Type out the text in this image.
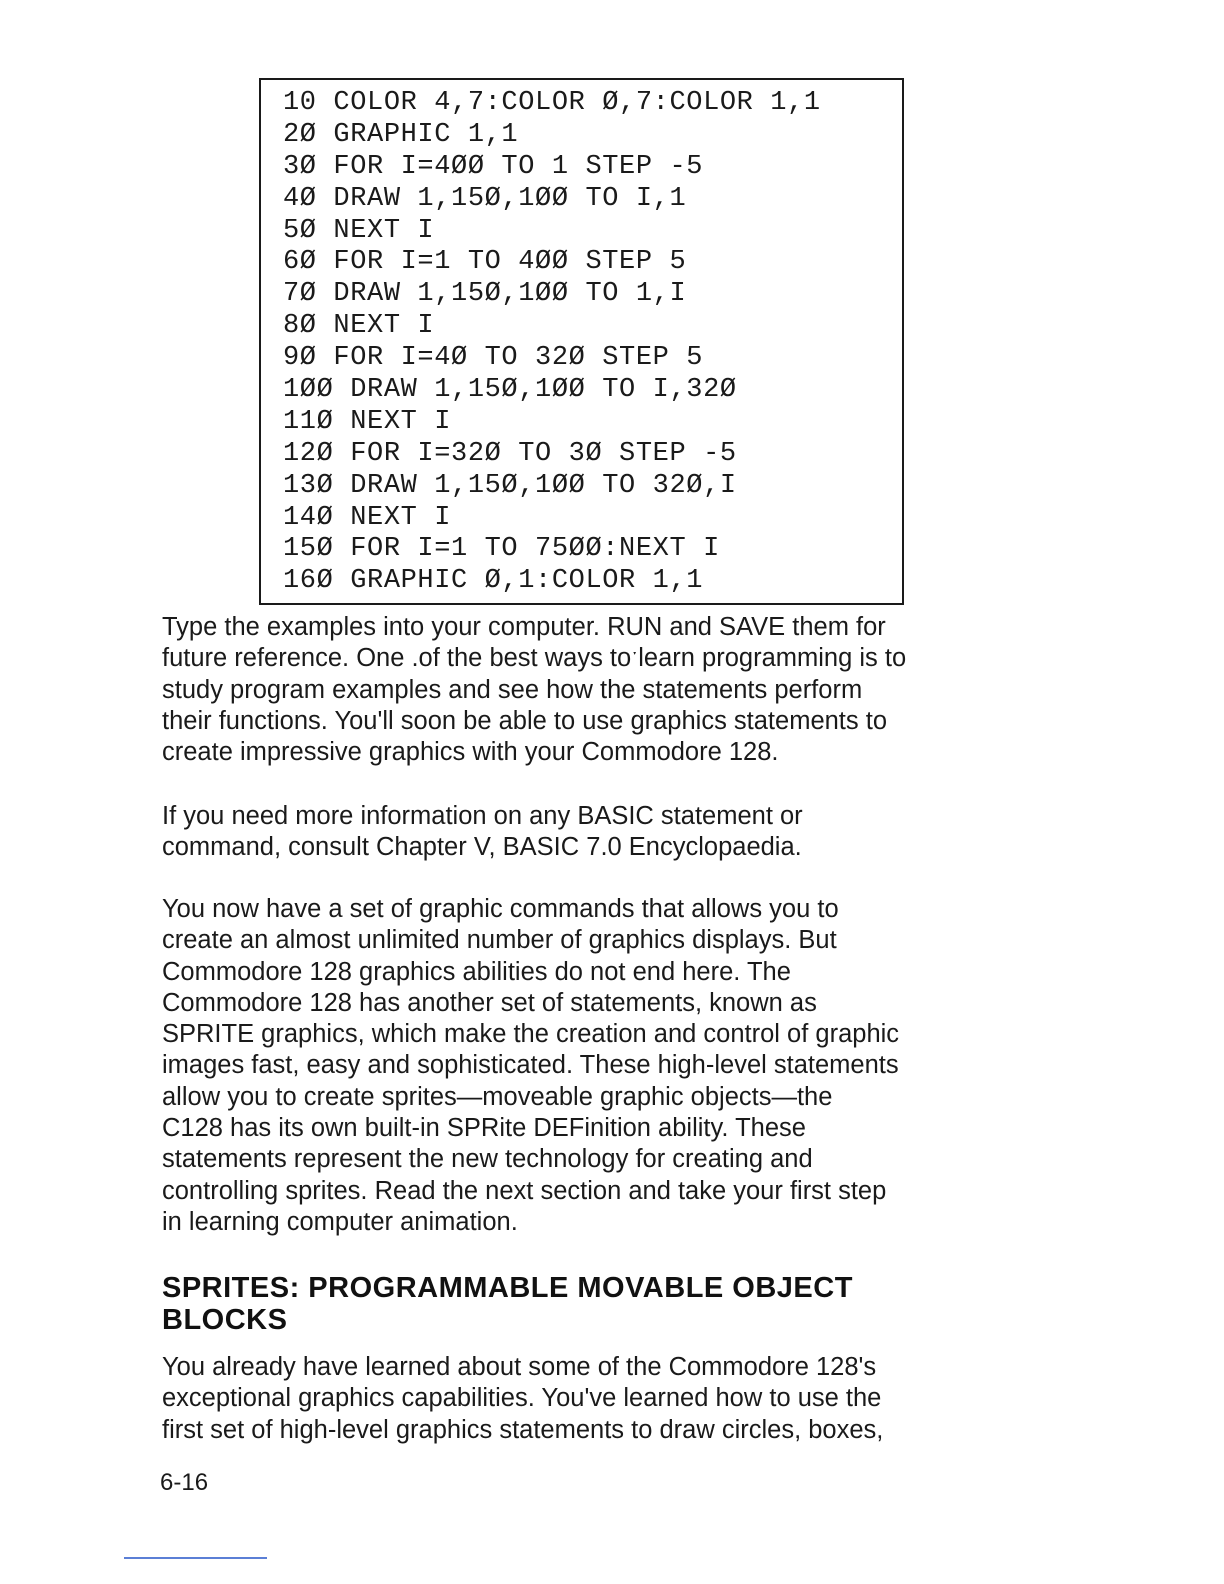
10 COLOR 4,7:COLOR Ø,7:COLOR 1,1
2Ø GRAPHIC 1,1
3Ø FOR I=4ØØ TO 1 STEP -5
4Ø DRAW 1,15Ø,1ØØ TO I,1
5Ø NEXT I
6Ø FOR I=1 TO 4ØØ STEP 5
7Ø DRAW 1,15Ø,1ØØ TO 1,I
8Ø NEXT I
9Ø FOR I=4Ø TO 32Ø STEP 5
1ØØ DRAW 1,15Ø,1ØØ TO I,32Ø
11Ø NEXT I
12Ø FOR I=32Ø TO 3Ø STEP -5
13Ø DRAW 1,15Ø,1ØØ TO 32Ø,I
14Ø NEXT I
15Ø FOR I=1 TO 75ØØ:NEXT I
16Ø GRAPHIC Ø,1:COLOR 1,1
Type the examples into your computer. RUN and SAVE them for
future reference. One .of the best ways toˑlearn programming is to
study program examples and see how the statements perform
their functions. You'll soon be able to use graphics statements to
create impressive graphics with your Commodore 128.
If you need more information on any BASIC statement or
command, consult Chapter V, BASIC 7.0 Encyclopaedia.
You now have a set of graphic commands that allows you to
create an almost unlimited number of graphics displays. But
Commodore 128 graphics abilities do not end here. The
Commodore 128 has another set of statements, known as
SPRITE graphics, which make the creation and control of graphic
images fast, easy and sophisticated. These high-level statements
allow you to create sprites—moveable graphic objects—the
C128 has its own built-in SPRite DEFinition ability. These
statements represent the new technology for creating and
controlling sprites. Read the next section and take your first step
in learning computer animation.
SPRITES: PROGRAMMABLE MOVABLE OBJECT
BLOCKS
You already have learned about some of the Commodore 128's
exceptional graphics capabilities. You've learned how to use the
first set of high-level graphics statements to draw circles, boxes,
6-16
